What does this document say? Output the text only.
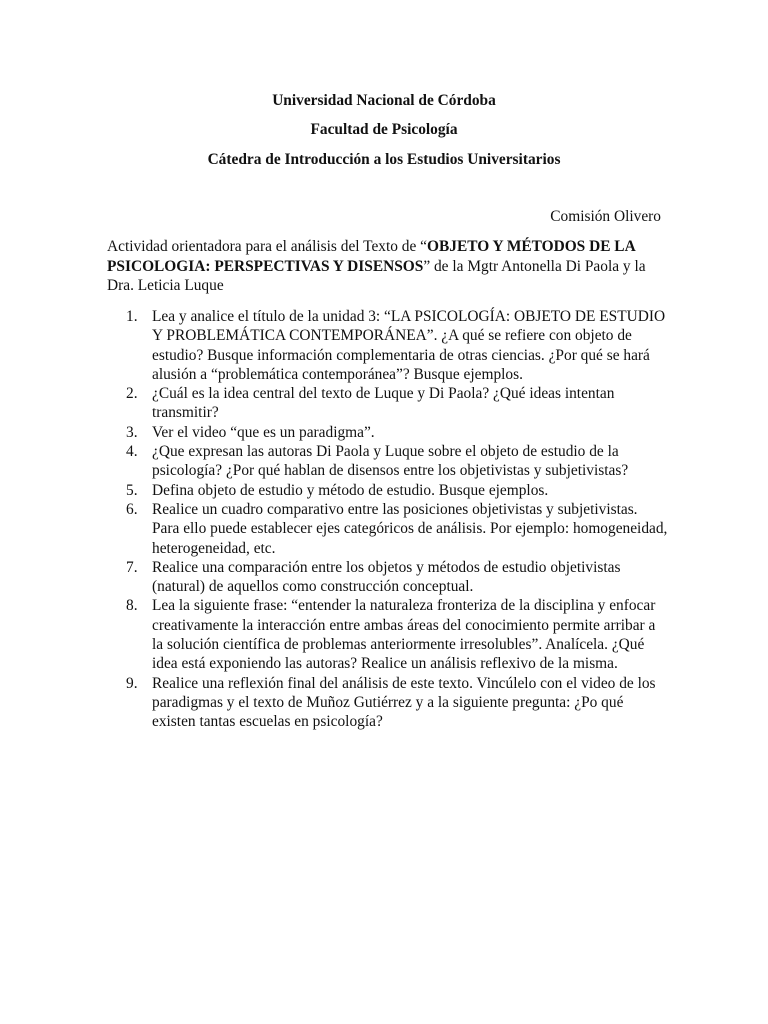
Universidad Nacional de Córdoba
Facultad de Psicología
Cátedra de Introducción a los Estudios Universitarios
Comisión Olivero
Actividad orientadora para el análisis del Texto de “OBJETO Y MÉTODOS DE LA PSICOLOGIA: PERSPECTIVAS Y DISENSOS” de la Mgtr Antonella Di Paola y la Dra. Leticia Luque
1. Lea y analice el título de la unidad 3: “LA PSICOLOGÍA: OBJETO DE ESTUDIO Y PROBLEMÁTICA CONTEMPORÁNEA”. ¿A qué se refiere con objeto de estudio? Busque información complementaria de otras ciencias. ¿Por qué se hará alusión a “problemática contemporánea”? Busque ejemplos.
2. ¿Cuál es la idea central del texto de Luque y Di Paola? ¿Qué ideas intentan transmitir?
3. Ver el video “que es un paradigma”.
4. ¿Que expresan las autoras Di Paola y Luque sobre el objeto de estudio de la psicología? ¿Por qué hablan de disensos entre los objetivistas y subjetivistas?
5. Defina objeto de estudio y método de estudio. Busque ejemplos.
6. Realice un cuadro comparativo entre las posiciones objetivistas y subjetivistas. Para ello puede establecer ejes categóricos de análisis. Por ejemplo: homogeneidad, heterogeneidad, etc.
7. Realice una comparación entre los objetos y métodos de estudio objetivistas (natural) de aquellos como construcción conceptual.
8. Lea la siguiente frase: “entender la naturaleza fronteriza de la disciplina y enfocar creativamente la interacción entre ambas áreas del conocimiento permite arribar a la solución científica de problemas anteriormente irresolubles”. Analícela. ¿Qué idea está exponiendo las autoras? Realice un análisis reflexivo de la misma.
9. Realice una reflexión final del análisis de este texto. Vincúlelo con el video de los paradigmas y el texto de Muñoz Gutiérrez y a la siguiente pregunta: ¿Po qué existen tantas escuelas en psicología?
